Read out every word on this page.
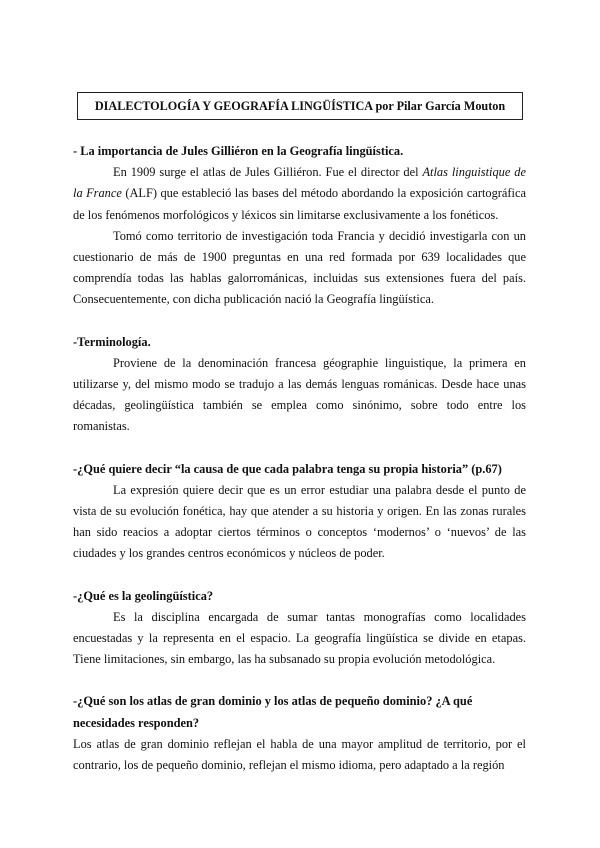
DIALECTOLOGÍA Y GEOGRAFÍA LINGÜÍSTICA por Pilar García Mouton

- La importancia de Jules Gilliéron en la Geografía lingüística.

En 1909 surge el atlas de Jules Gilliéron. Fue el director del Atlas linguistique de la France (ALF) que estableció las bases del método abordando la exposición cartográfica de los fenómenos morfológicos y léxicos sin limitarse exclusivamente a los fonéticos.

Tomó como territorio de investigación toda Francia y decidió investigarla con un cuestionario de más de 1900 preguntas en una red formada por 639 localidades que comprendía todas las hablas galorrománicas, incluidas sus extensiones fuera del país. Consecuentemente, con dicha publicación nació la Geografía lingüística.

-Terminología.

Proviene de la denominación francesa géographie linguistique, la primera en utilizarse y, del mismo modo se tradujo a las demás lenguas románicas. Desde hace unas décadas, geolingüística también se emplea como sinónimo, sobre todo entre los romanistas.

-¿Qué quiere decir “la causa de que cada palabra tenga su propia historia” (p.67)

La expresión quiere decir que es un error estudiar una palabra desde el punto de vista de su evolución fonética, hay que atender a su historia y origen. En las zonas rurales han sido reacios a adoptar ciertos términos o conceptos ‘modernos’ o ‘nuevos’ de las ciudades y los grandes centros económicos y núcleos de poder.

-¿Qué es la geolingüística?

Es la disciplina encargada de sumar tantas monografías como localidades encuestadas y la representa en el espacio. La geografía lingüística se divide en etapas. Tiene limitaciones, sin embargo, las ha subsanado su propia evolución metodológica.

-¿Qué son los atlas de gran dominio y los atlas de pequeño dominio? ¿A qué necesidades responden?

Los atlas de gran dominio reflejan el habla de una mayor amplitud de territorio, por el contrario, los de pequeño dominio, reflejan el mismo idioma, pero adaptado a la región
